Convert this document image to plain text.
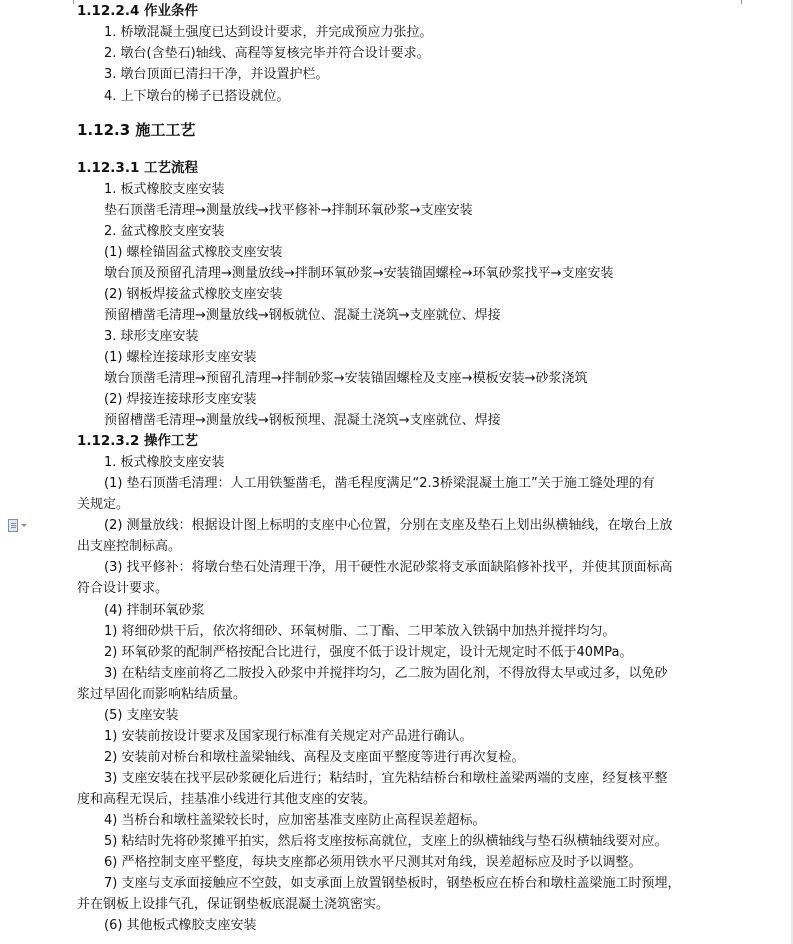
1.12.2.4 作业条件
1. 桥墩混凝土强度已达到设计要求，并完成预应力张拉。
2. 墩台(含垫石)轴线、高程等复核完毕并符合设计要求。
3. 墩台顶面已清扫干净，并设置护栏。
4. 上下墩台的梯子已搭设就位。
1.12.3 施工工艺
1.12.3.1 工艺流程
1. 板式橡胶支座安装
垫石顶凿毛清理→测量放线→找平修补→拌制环氧砂浆→支座安装
2. 盆式橡胶支座安装
(1) 螺栓锚固盆式橡胶支座安装
墩台顶及预留孔清理→测量放线→拌制环氧砂浆→安装锚固螺栓→环氧砂浆找平→支座安装
(2) 钢板焊接盆式橡胶支座安装
预留槽凿毛清理→测量放线→钢板就位、混凝土浇筑→支座就位、焊接
3. 球形支座安装
(1) 螺栓连接球形支座安装
墩台顶凿毛清理→预留孔清理→拌制砂浆→安装锚固螺栓及支座→模板安装→砂浆浇筑
(2) 焊接连接球形支座安装
预留槽凿毛清理→测量放线→钢板预埋、混凝土浇筑→支座就位、焊接
1.12.3.2 操作工艺
1. 板式橡胶支座安装
(1) 垫石顶凿毛清理：人工用铁錾凿毛，凿毛程度满足“2.3桥梁混凝土施工”关于施工缝处理的有
关规定。
(2) 测量放线：根据设计图上标明的支座中心位置，分别在支座及垫石上划出纵横轴线，在墩台上放
出支座控制标高。
(3) 找平修补：将墩台垫石处清理干净，用干硬性水泥砂浆将支承面缺陷修补找平，并使其顶面标高
符合设计要求。
(4) 拌制环氧砂浆
1) 将细砂烘干后，依次将细砂、环氧树脂、二丁酯、二甲苯放入铁锅中加热并搅拌均匀。
2) 环氧砂浆的配制严格按配合比进行，强度不低于设计规定，设计无规定时不低于40MPa。
3) 在粘结支座前将乙二胺投入砂浆中并搅拌均匀，乙二胺为固化剂，不得放得太早或过多，以免砂
浆过早固化而影响粘结质量。
(5) 支座安装
1) 安装前按设计要求及国家现行标准有关规定对产品进行确认。
2) 安装前对桥台和墩柱盖梁轴线、高程及支座面平整度等进行再次复检。
3) 支座安装在找平层砂浆硬化后进行；粘结时，宜先粘结桥台和墩柱盖梁两端的支座，经复核平整
度和高程无误后，挂基准小线进行其他支座的安装。
4) 当桥台和墩柱盖梁较长时，应加密基准支座防止高程误差超标。
5) 粘结时先将砂浆摊平拍实，然后将支座按标高就位，支座上的纵横轴线与垫石纵横轴线要对应。
6) 严格控制支座平整度，每块支座都必须用铁水平尺测其对角线，误差超标应及时予以调整。
7) 支座与支承面接触应不空鼓，如支承面上放置钢垫板时，钢垫板应在桥台和墩柱盖梁施工时预埋，
并在钢板上设排气孔，保证钢垫板底混凝土浇筑密实。
(6) 其他板式橡胶支座安装
